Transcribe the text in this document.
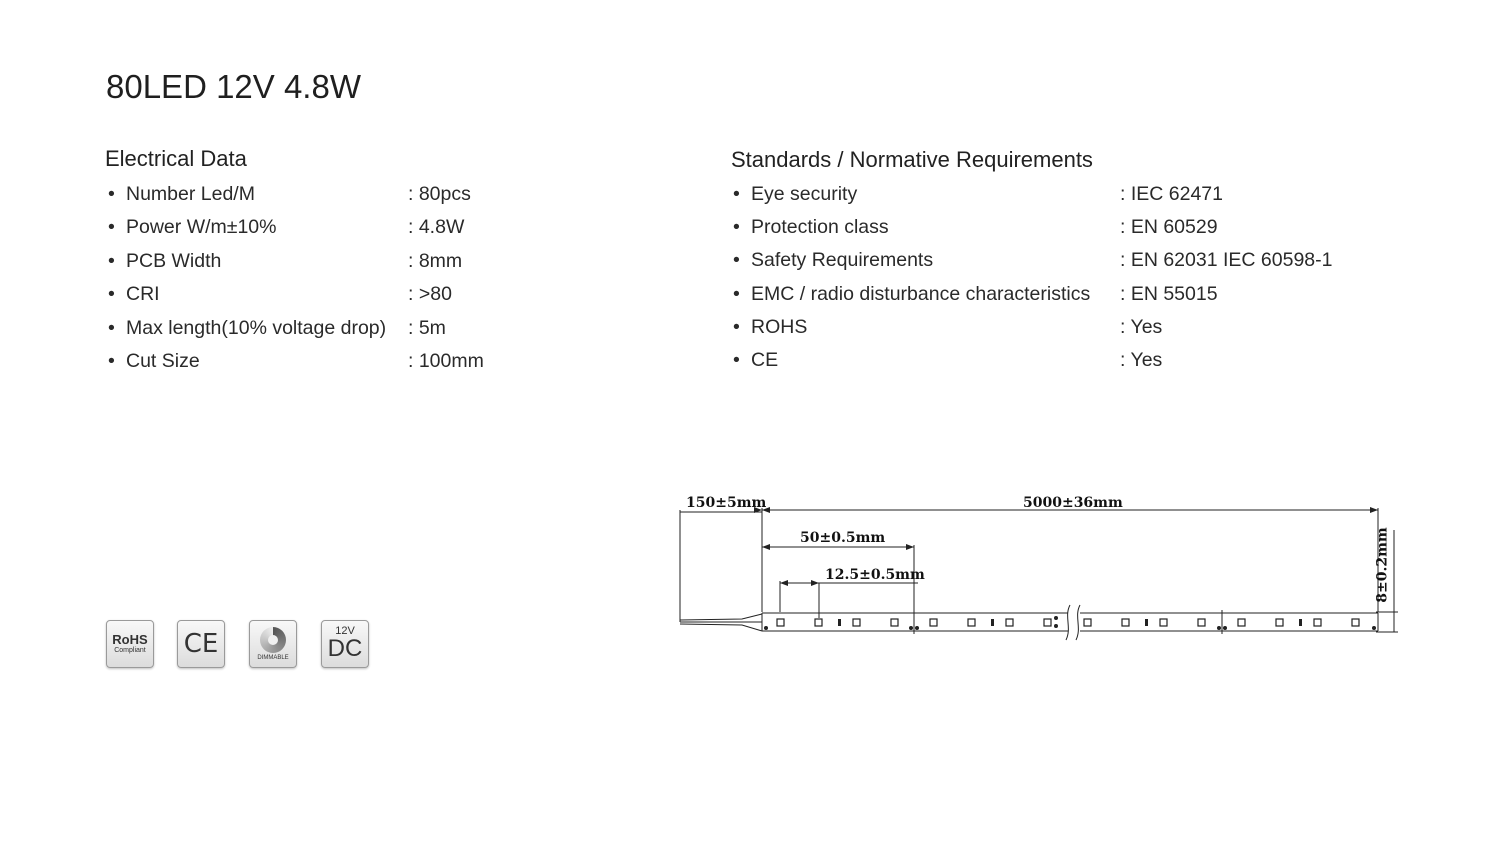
80LED 12V 4.8W
Electrical Data
• Number Led/M	: 80pcs
• Power W/m±10%	: 4.8W
• PCB Width	: 8mm
• CRI	: >80
• Max length(10% voltage drop) : 5m
• Cut Size	: 100mm
Standards / Normative Requirements
• Eye security	: IEC 62471
• Protection class	: EN 60529
• Safety Requirements	: EN 62031 IEC 60598-1
• EMC / radio disturbance characteristics : EN 55015
• ROHS	: Yes
• CE	: Yes
RoHS
Compliant CE	DIMMABLE
12V
DC
150±5mm	5000±36mm
50±0.5mm
12.5±0.5mm	8±0.2mm
